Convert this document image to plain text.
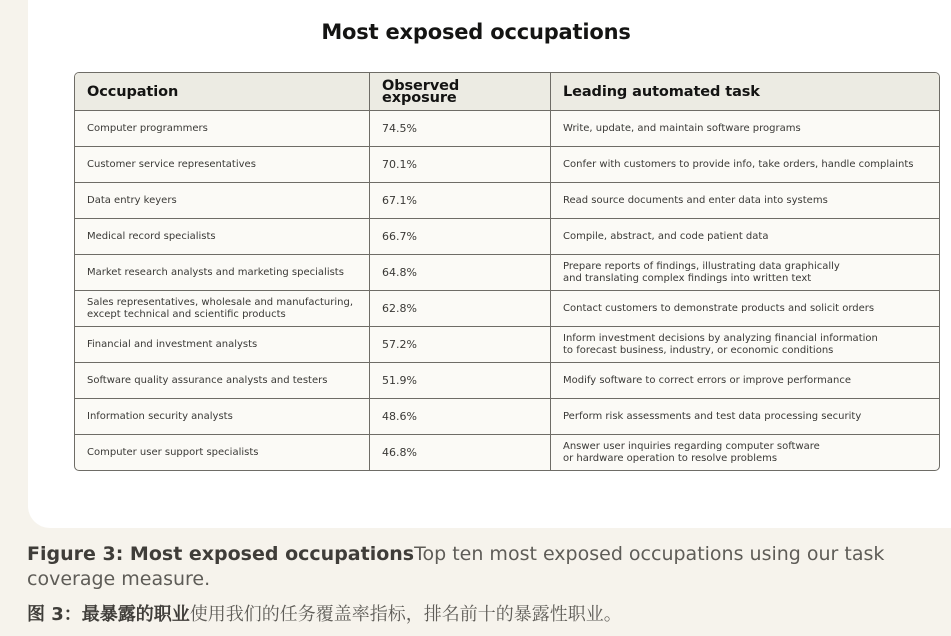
Most exposed occupations
Occupation	Observed exposure	Leading automated task
Computer programmers	74.5%	Write, update, and maintain software programs
Customer service representatives	70.1%	Confer with customers to provide info, take orders, handle complaints
Data entry keyers	67.1%	Read source documents and enter data into systems
Medical record specialists	66.7%	Compile, abstract, and code patient data
Market research analysts and marketing specialists	64.8%	Prepare reports of findings, illustrating data graphically
and translating complex findings into written text
Sales representatives, wholesale and manufacturing,
except technical and scientific products	62.8%	Contact customers to demonstrate products and solicit orders
Financial and investment analysts	57.2%	Inform investment decisions by analyzing financial information
to forecast business, industry, or economic conditions
Software quality assurance analysts and testers	51.9%	Modify software to correct errors or improve performance
Information security analysts	48.6%	Perform risk assessments and test data processing security
Computer user support specialists	46.8%	Answer user inquiries regarding computer software
or hardware operation to resolve problems
Figure 3: Most exposed occupationsTop ten most exposed occupations using our task coverage measure.
图 3：最暴露的职业使用我们的任务覆盖率指标，排名前十的暴露性职业。
